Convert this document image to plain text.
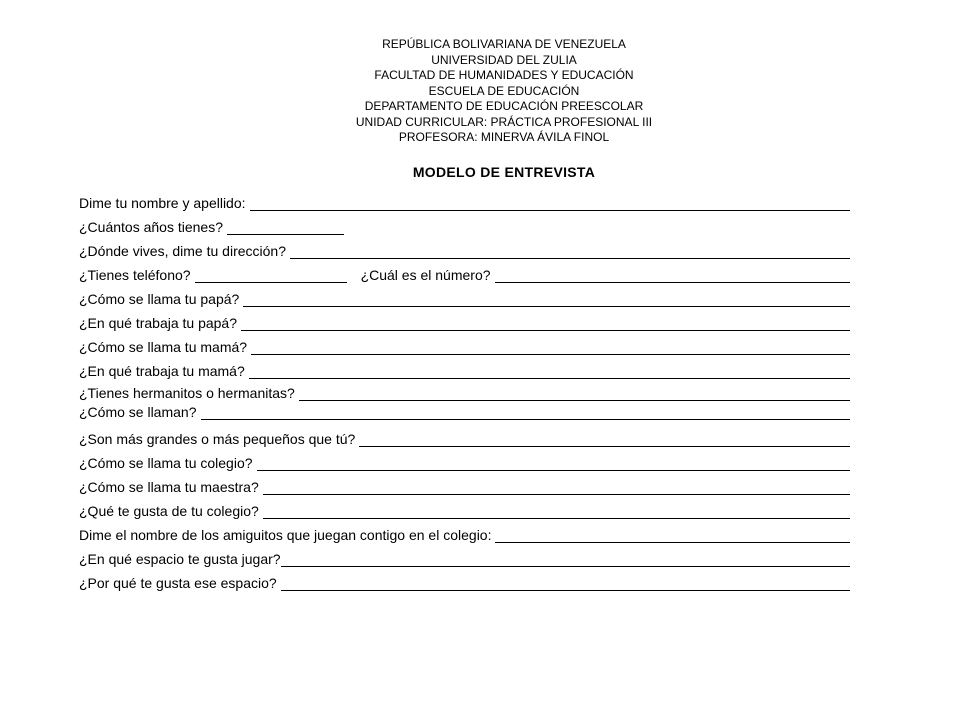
REPÚBLICA BOLIVARIANA DE VENEZUELA
UNIVERSIDAD DEL ZULIA
FACULTAD DE HUMANIDADES Y EDUCACIÓN
ESCUELA DE EDUCACIÓN
DEPARTAMENTO DE EDUCACIÓN PREESCOLAR
UNIDAD CURRICULAR: PRÁCTICA PROFESIONAL III
PROFESORA: MINERVA ÁVILA FINOL
MODELO DE ENTREVISTA
Dime tu nombre y apellido:
¿Cuántos años tienes?
¿Dónde vives, dime tu dirección?
¿Tienes teléfono?	¿Cuál es el número?
¿Cómo se llama tu papá?
¿En qué trabaja tu papá?
¿Cómo se llama tu mamá?
¿En qué trabaja tu mamá?
¿Tienes hermanitos o hermanitas?
¿Cómo se llaman?
¿Son más grandes o más pequeños que tú?
¿Cómo se llama tu colegio?
¿Cómo se llama tu maestra?
¿Qué te gusta de tu colegio?
Dime el nombre de los amiguitos que juegan contigo en el colegio:
¿En qué espacio te gusta jugar?
¿Por qué te gusta ese espacio?
